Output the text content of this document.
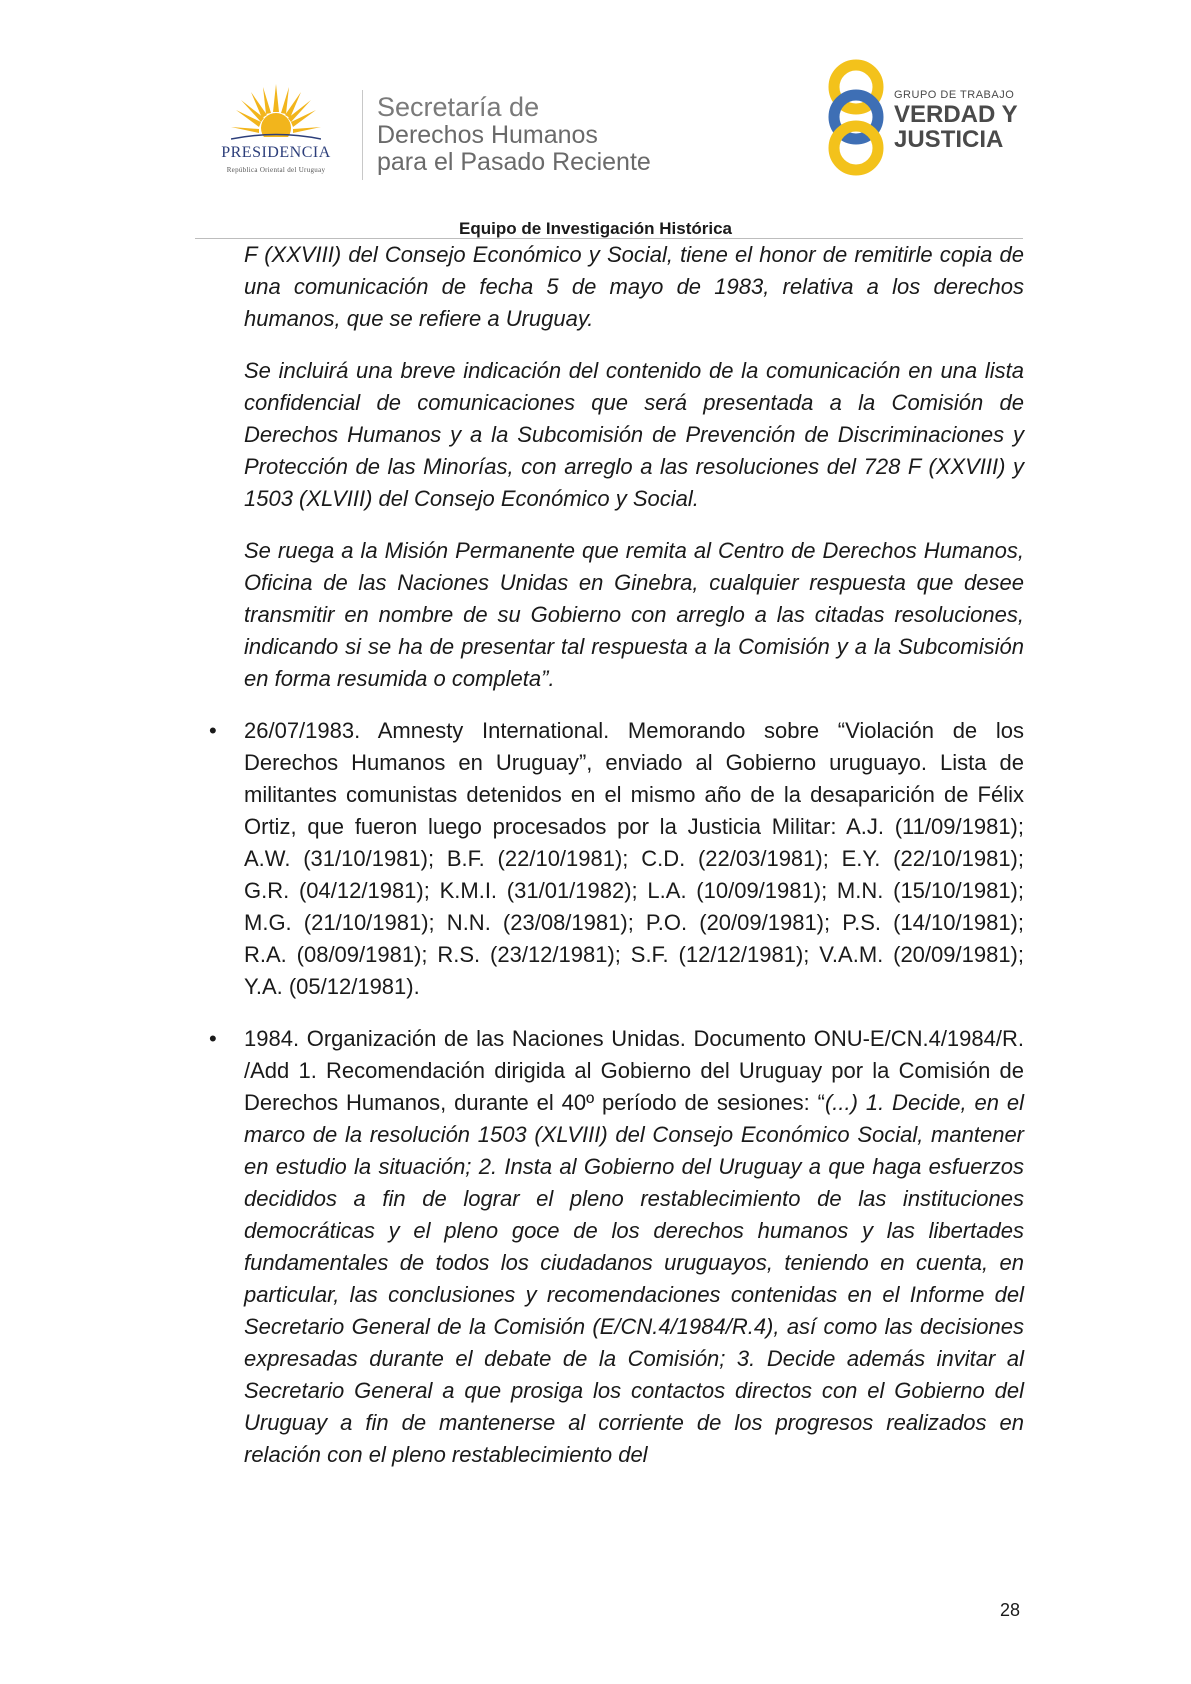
PRESIDENCIA
República Oriental del Uruguay
Secretaría de
Derechos Humanos
para el Pasado Reciente
GRUPO DE TRABAJO
VERDAD Y
JUSTICIA
Equipo de Investigación Histórica

F (XXVIII) del Consejo Económico y Social, tiene el honor de remitirle copia de una comunicación de fecha 5 de mayo de 1983, relativa a los derechos humanos, que se refiere a Uruguay.

Se incluirá una breve indicación del contenido de la comunicación en una lista confidencial de comunicaciones que será presentada a la Comisión de Derechos Humanos y a la Subcomisión de Prevención de Discriminaciones y Protección de las Minorías, con arreglo a las resoluciones del 728 F (XXVIII) y 1503 (XLVIII) del Consejo Económico y Social.

Se ruega a la Misión Permanente que remita al Centro de Derechos Humanos, Oficina de las Naciones Unidas en Ginebra, cualquier respuesta que desee transmitir en nombre de su Gobierno con arreglo a las citadas resoluciones, indicando si se ha de presentar tal respuesta a la Comisión y a la Subcomisión en forma resumida o completa”.

• 26/07/1983. Amnesty International. Memorando sobre “Violación de los Derechos Humanos en Uruguay”, enviado al Gobierno uruguayo. Lista de militantes comunistas detenidos en el mismo año de la desaparición de Félix Ortiz, que fueron luego procesados por la Justicia Militar: A.J. (11/09/1981); A.W. (31/10/1981); B.F. (22/10/1981); C.D. (22/03/1981); E.Y. (22/10/1981); G.R. (04/12/1981); K.M.I. (31/01/1982); L.A. (10/09/1981); M.N. (15/10/1981); M.G. (21/10/1981); N.N. (23/08/1981); P.O. (20/09/1981); P.S. (14/10/1981); R.A. (08/09/1981); R.S. (23/12/1981); S.F. (12/12/1981); V.A.M. (20/09/1981); Y.A. (05/12/1981).

• 1984. Organización de las Naciones Unidas. Documento ONU-E/CN.4/1984/R. /Add 1. Recomendación dirigida al Gobierno del Uruguay por la Comisión de Derechos Humanos, durante el 40º período de sesiones: “(...) 1. Decide, en el marco de la resolución 1503 (XLVIII) del Consejo Económico Social, mantener en estudio la situación; 2. Insta al Gobierno del Uruguay a que haga esfuerzos decididos a fin de lograr el pleno restablecimiento de las instituciones democráticas y el pleno goce de los derechos humanos y las libertades fundamentales de todos los ciudadanos uruguayos, teniendo en cuenta, en particular, las conclusiones y recomendaciones contenidas en el Informe del Secretario General de la Comisión (E/CN.4/1984/R.4), así como las decisiones expresadas durante el debate de la Comisión; 3. Decide además invitar al Secretario General a que prosiga los contactos directos con el Gobierno del Uruguay a fin de mantenerse al corriente de los progresos realizados en relación con el pleno restablecimiento del

28
